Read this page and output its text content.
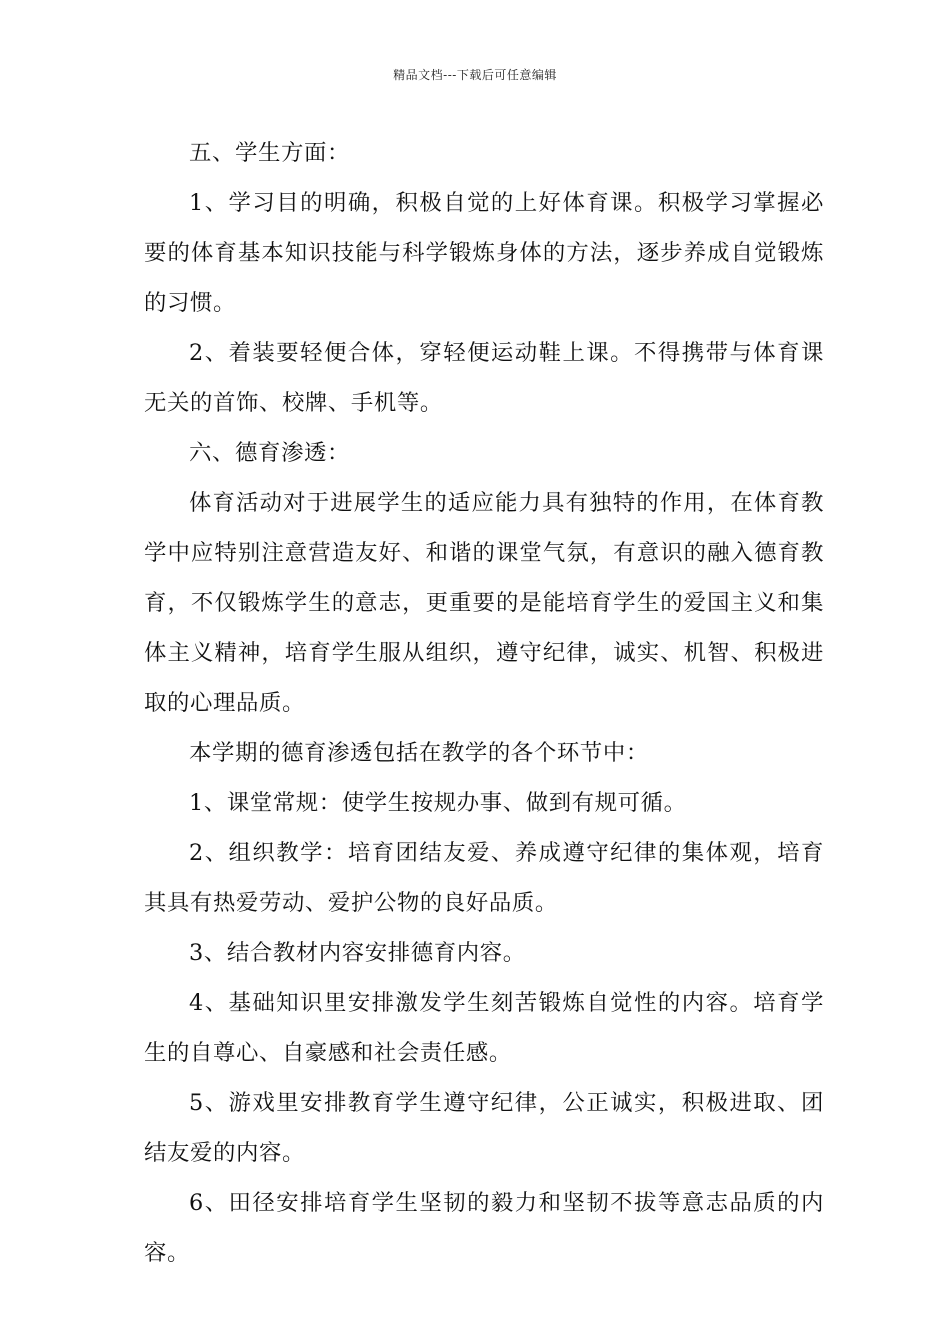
精品文档---下载后可任意编辑

五、学生方面：

1、学习目的明确，积极自觉的上好体育课。积极学习掌握必要的体育基本知识技能与科学锻炼身体的方法，逐步养成自觉锻炼的习惯。

2、着装要轻便合体，穿轻便运动鞋上课。不得携带与体育课无关的首饰、校牌、手机等。

六、德育渗透：

体育活动对于进展学生的适应能力具有独特的作用，在体育教学中应特别注意营造友好、和谐的课堂气氛，有意识的融入德育教育，不仅锻炼学生的意志，更重要的是能培育学生的爱国主义和集体主义精神，培育学生服从组织，遵守纪律，诚实、机智、积极进取的心理品质。

本学期的德育渗透包括在教学的各个环节中：

1、课堂常规：使学生按规办事、做到有规可循。

2、组织教学：培育团结友爱、养成遵守纪律的集体观，培育其具有热爱劳动、爱护公物的良好品质。

3、结合教材内容安排德育内容。

4、基础知识里安排激发学生刻苦锻炼自觉性的内容。培育学生的自尊心、自豪感和社会责任感。

5、游戏里安排教育学生遵守纪律，公正诚实，积极进取、团结友爱的内容。

6、田径安排培育学生坚韧的毅力和坚韧不拔等意志品质的内容。
